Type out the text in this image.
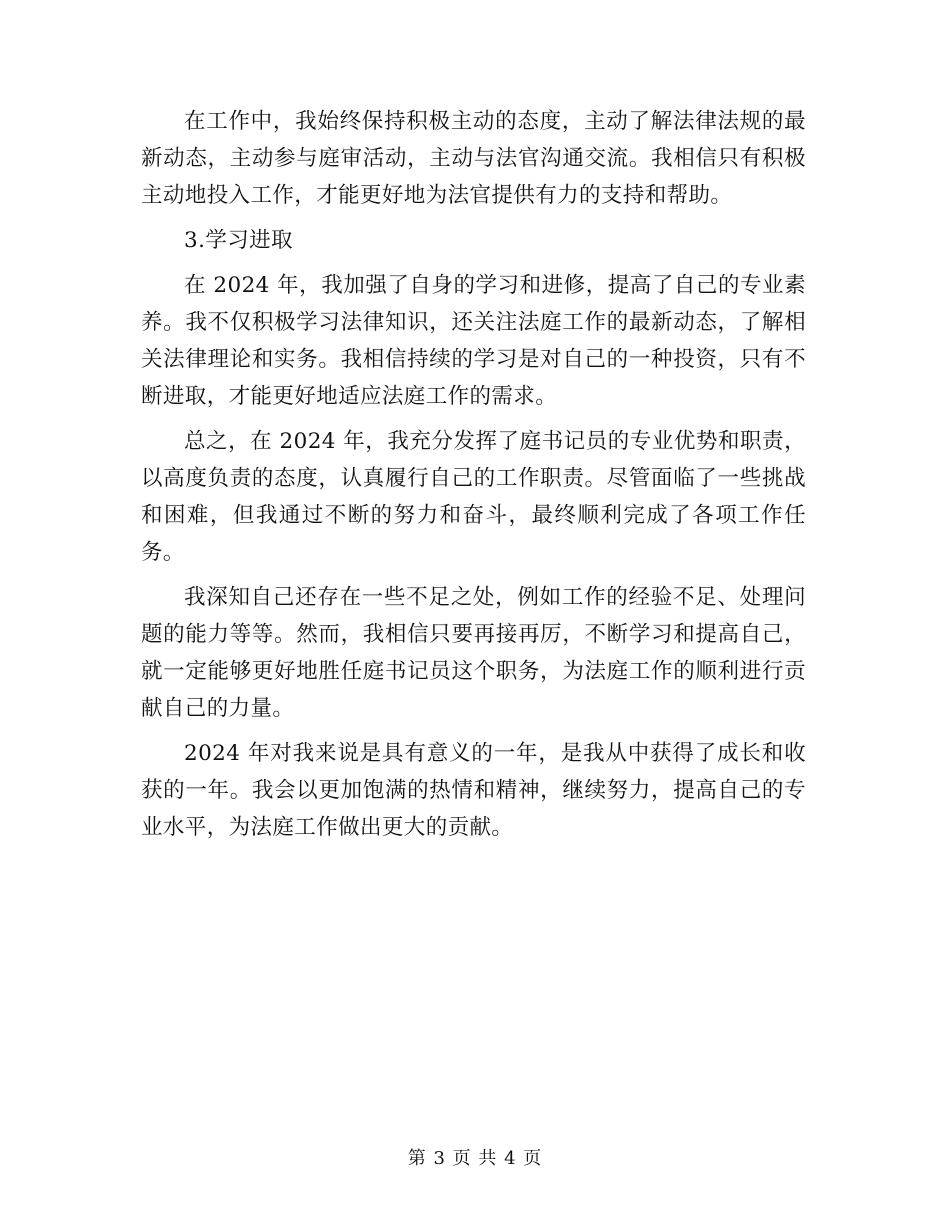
在工作中，我始终保持积极主动的态度，主动了解法律法规的最新动态，主动参与庭审活动，主动与法官沟通交流。我相信只有积极主动地投入工作，才能更好地为法官提供有力的支持和帮助。

3.学习进取

在 2024 年，我加强了自身的学习和进修，提高了自己的专业素养。我不仅积极学习法律知识，还关注法庭工作的最新动态，了解相关法律理论和实务。我相信持续的学习是对自己的一种投资，只有不断进取，才能更好地适应法庭工作的需求。

总之，在 2024 年，我充分发挥了庭书记员的专业优势和职责，以高度负责的态度，认真履行自己的工作职责。尽管面临了一些挑战和困难，但我通过不断的努力和奋斗，最终顺利完成了各项工作任务。

我深知自己还存在一些不足之处，例如工作的经验不足、处理问题的能力等等。然而，我相信只要再接再厉，不断学习和提高自己，就一定能够更好地胜任庭书记员这个职务，为法庭工作的顺利进行贡献自己的力量。

2024 年对我来说是具有意义的一年，是我从中获得了成长和收获的一年。我会以更加饱满的热情和精神，继续努力，提高自己的专业水平，为法庭工作做出更大的贡献。

第 3 页 共 4 页
